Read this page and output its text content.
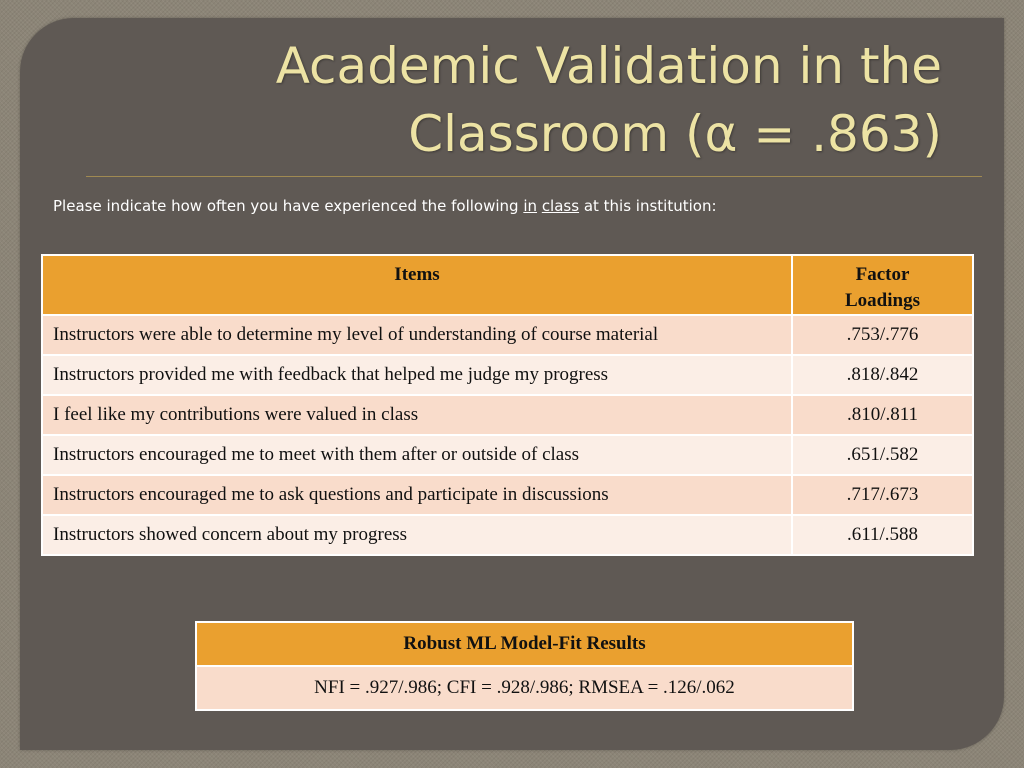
Academic Validation in the
Classroom (α = .863)

Please indicate how often you have experienced the following in class at this institution:

Items	Factor
Loadings
Instructors were able to determine my level of understanding of course material	.753/.776
Instructors provided me with feedback that helped me judge my progress	.818/.842
I feel like my contributions were valued in class	.810/.811
Instructors encouraged me to meet with them after or outside of class	.651/.582
Instructors encouraged me to ask questions and participate in discussions	.717/.673
Instructors showed concern about my progress	.611/.588
Robust ML Model-Fit Results
NFI = .927/.986; CFI = .928/.986; RMSEA = .126/.062
